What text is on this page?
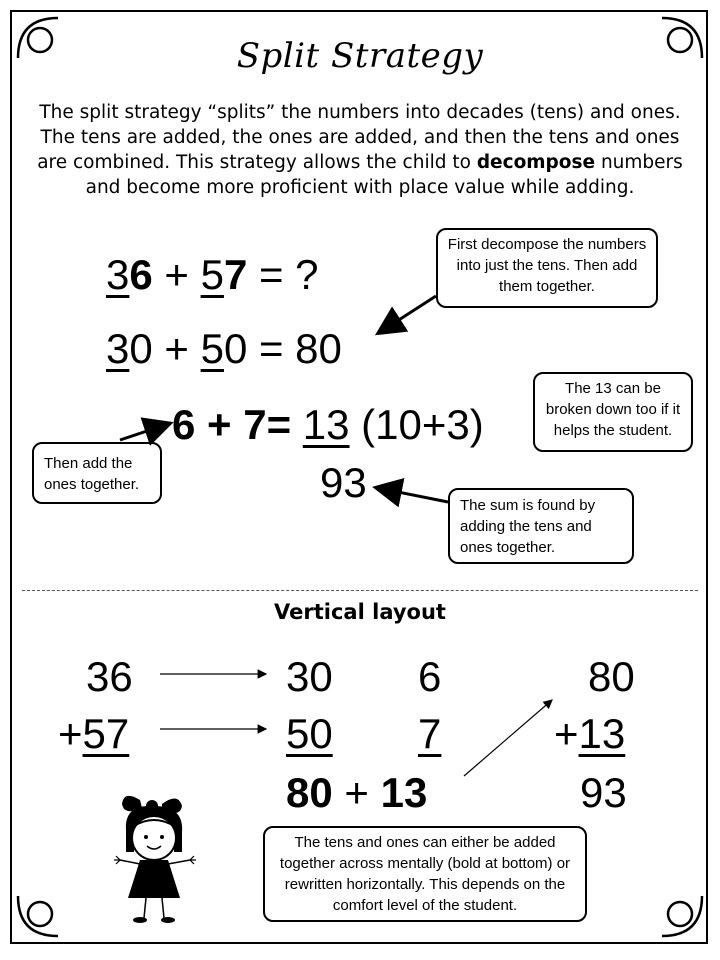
Split Strategy
The split strategy “splits” the numbers into decades (tens) and ones. The tens are added, the ones are added, and then the tens and ones are combined. This strategy allows the child to decompose numbers and become more proficient with place value while adding.
36 + 57 = ?
30 + 50 = 80
6 + 7= 13 (10+3)
93
First decompose the numbers into just the tens. Then add them together.
The 13 can be broken down too if it helps the student.
Then add the ones together.
The sum is found by adding the tens and ones together.
The tens and ones can either be added together across mentally (bold at bottom) or rewritten horizontally. This depends on the comfort level of the student.
Vertical layout
36
+57
30
50
6
7
80 + 13
80
+13
93
